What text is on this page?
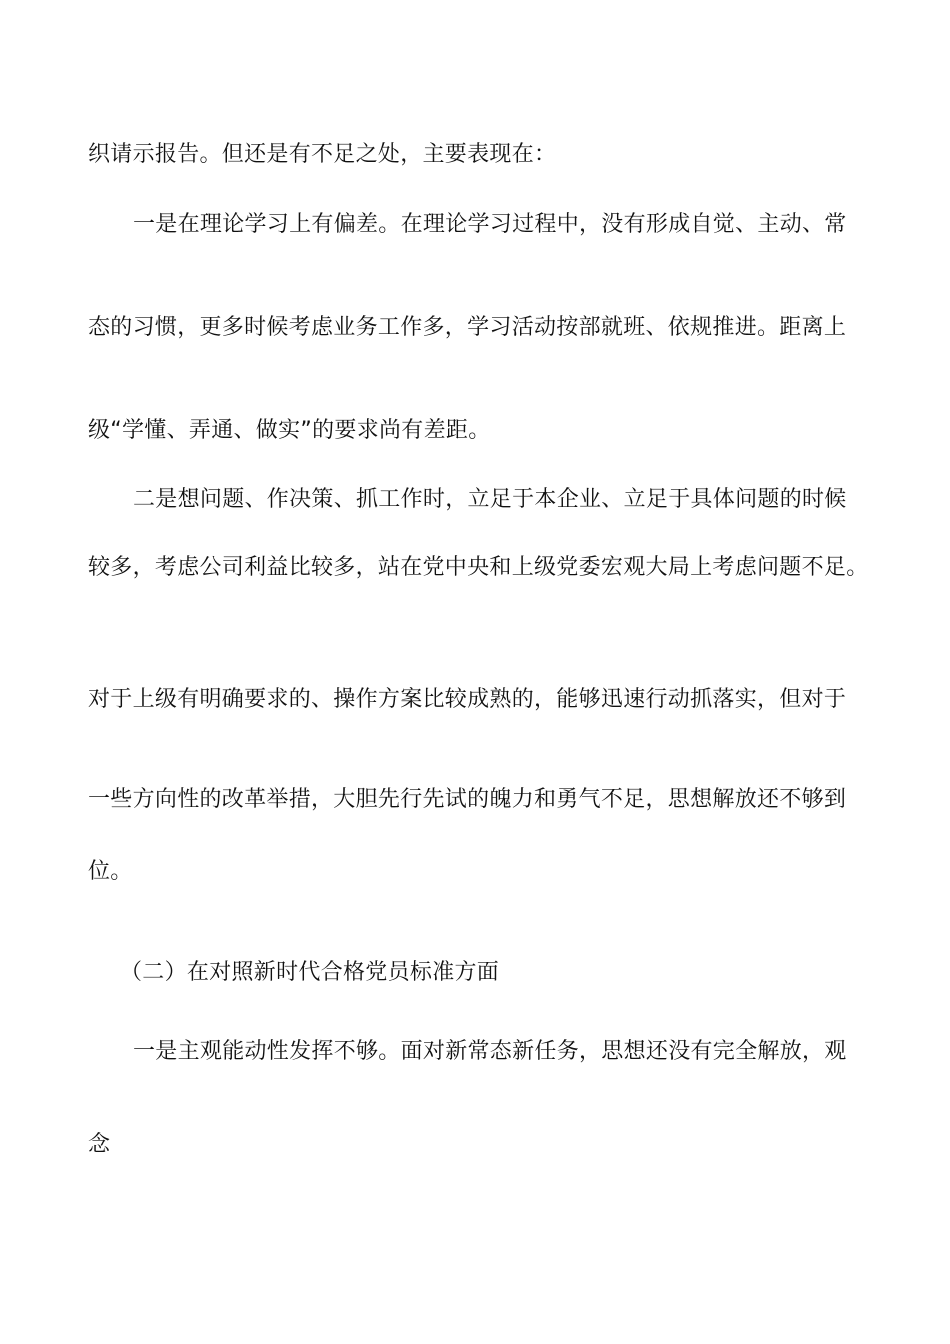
织请示报告。但还是有不足之处，主要表现在：
一是在理论学习上有偏差。在理论学习过程中，没有形成自觉、主动、常
态的习惯，更多时候考虑业务工作多，学习活动按部就班、依规推进。距离上
级“学懂、弄通、做实”的要求尚有差距。
二是想问题、作决策、抓工作时，立足于本企业、立足于具体问题的时候
较多，考虑公司利益比较多，站在党中央和上级党委宏观大局上考虑问题不足。
对于上级有明确要求的、操作方案比较成熟的，能够迅速行动抓落实，但对于
一些方向性的改革举措，大胆先行先试的魄力和勇气不足，思想解放还不够到
位。
（二）在对照新时代合格党员标准方面
一是主观能动性发挥不够。面对新常态新任务，思想还没有完全解放，观
念
